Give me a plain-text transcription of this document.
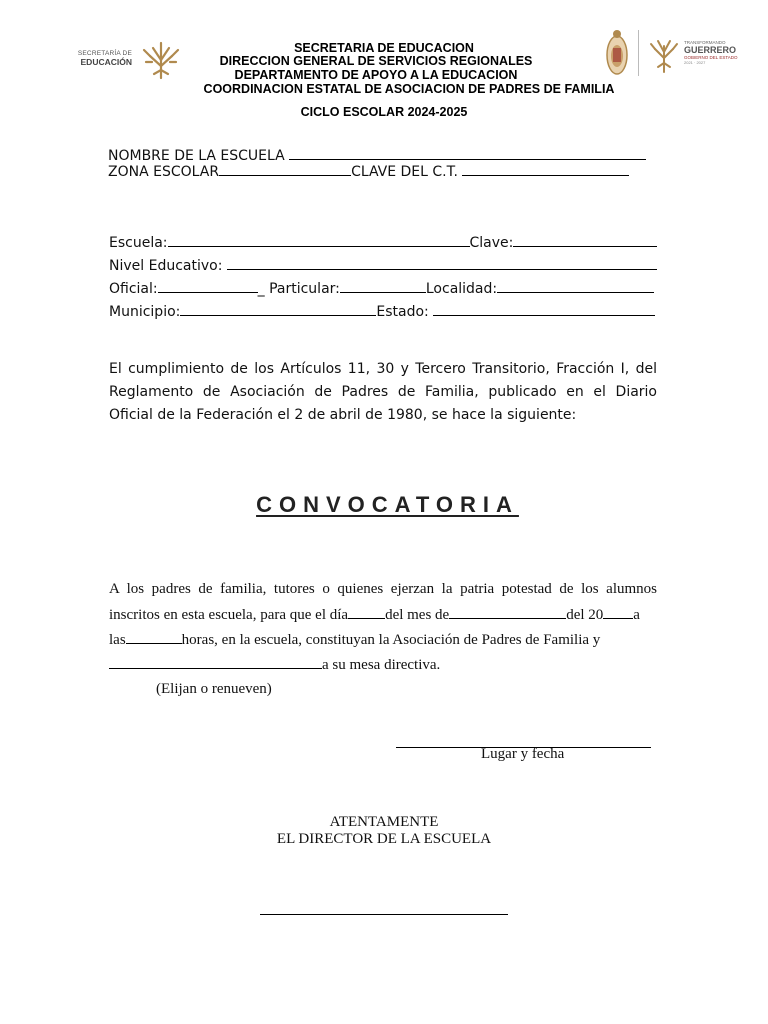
SECRETARÍA DE
EDUCACIÓN
TRANSFORMANDO
GUERRERO
GOBIERNO DEL ESTADO
2021 · 2027
SECRETARIA DE EDUCACION
DIRECCION GENERAL DE SERVICIOS REGIONALES
DEPARTAMENTO DE APOYO A LA EDUCACION
COORDINACION ESTATAL DE ASOCIACION DE PADRES DE FAMILIA
CICLO ESCOLAR 2024-2025
NOMBRE DE LA ESCUELA
ZONA ESCOLAR	CLAVE DEL C.T.
Escuela:	Clave:
Nivel Educativo:
Oficial:	_ Particular:	Localidad:
Municipio:	Estado:
El cumplimiento de los Artículos 11, 30 y Tercero Transitorio, Fracción I, del
Reglamento de Asociación de Padres de Familia, publicado en el Diario
Oficial de la Federación el 2 de abril de 1980, se hace la siguiente:
CONVOCATORIA
A los padres de familia, tutores o quienes ejerzan la patria potestad de los alumnos
inscritos en esta escuela, para que el día del mes de	del 20 a
las	horas, en la escuela, constituyan la Asociación de Padres de Familia y
a su mesa directiva.
(Elijan o renueven)
Lugar y fecha
ATENTAMENTE
EL DIRECTOR DE LA ESCUELA
